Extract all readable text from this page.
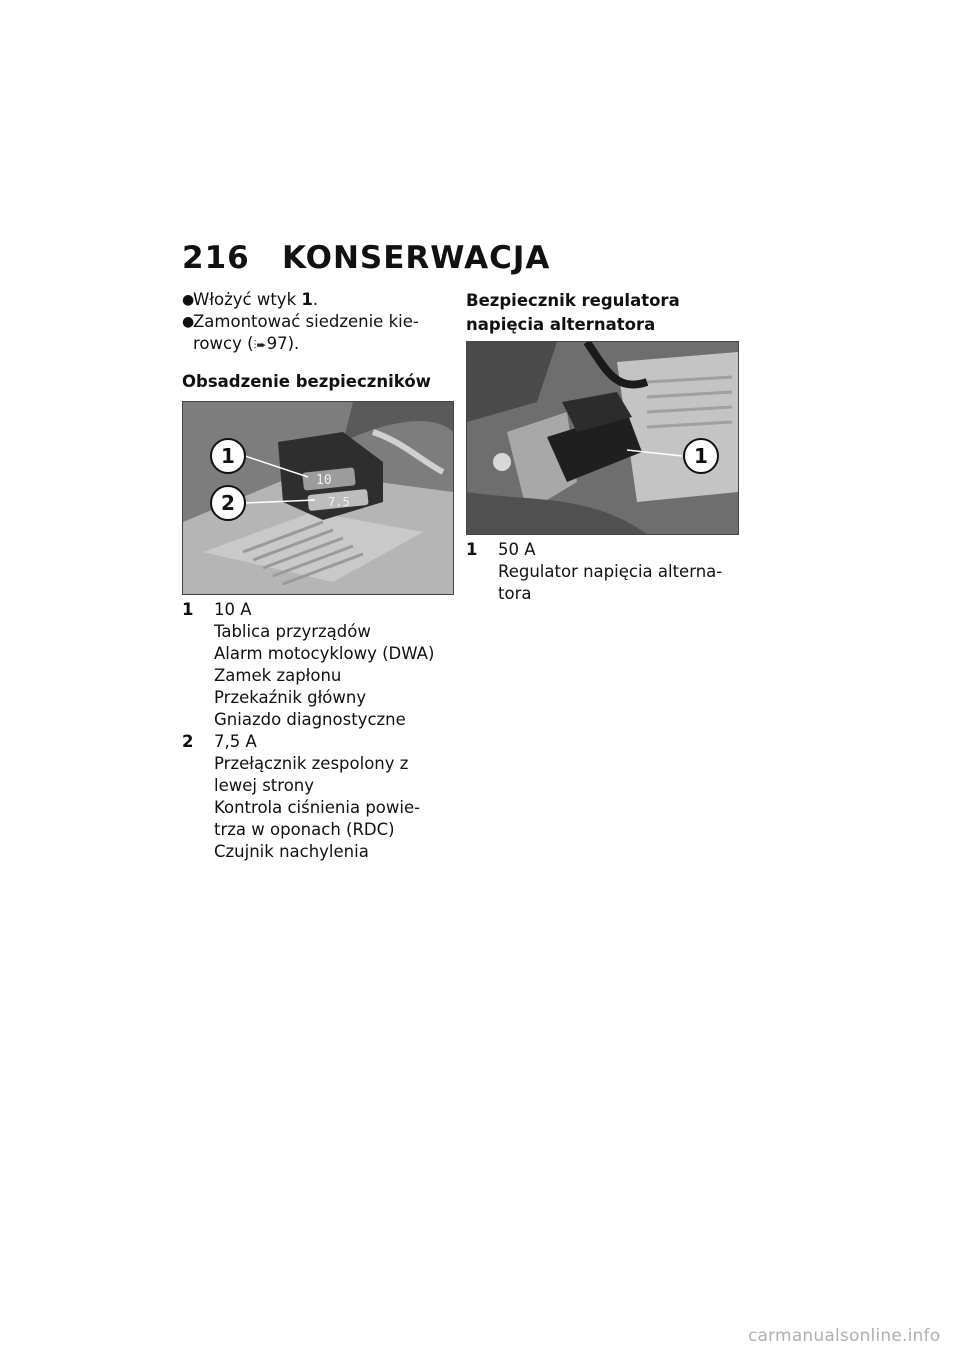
216	KONSERWACJA
●
Włożyć wtyk 1.
●
Zamontować siedzenie kie-
rowcy (⫶➨97).
Obsadzenie bezpieczników
10
7.5
1
2
1	10 A
Tablica przyrządów
Alarm motocyklowy (DWA)
Zamek zapłonu
Przekaźnik główny
Gniazdo diagnostyczne
2	7,5 A
Przełącznik zespolony z
lewej strony
Kontrola ciśnienia powie-
trza w oponach (RDC)
Czujnik nachylenia
Bezpiecznik regulatora
napięcia alternatora
1
1	50 A
Regulator napięcia alterna-
tora
carmanualsonline.info
